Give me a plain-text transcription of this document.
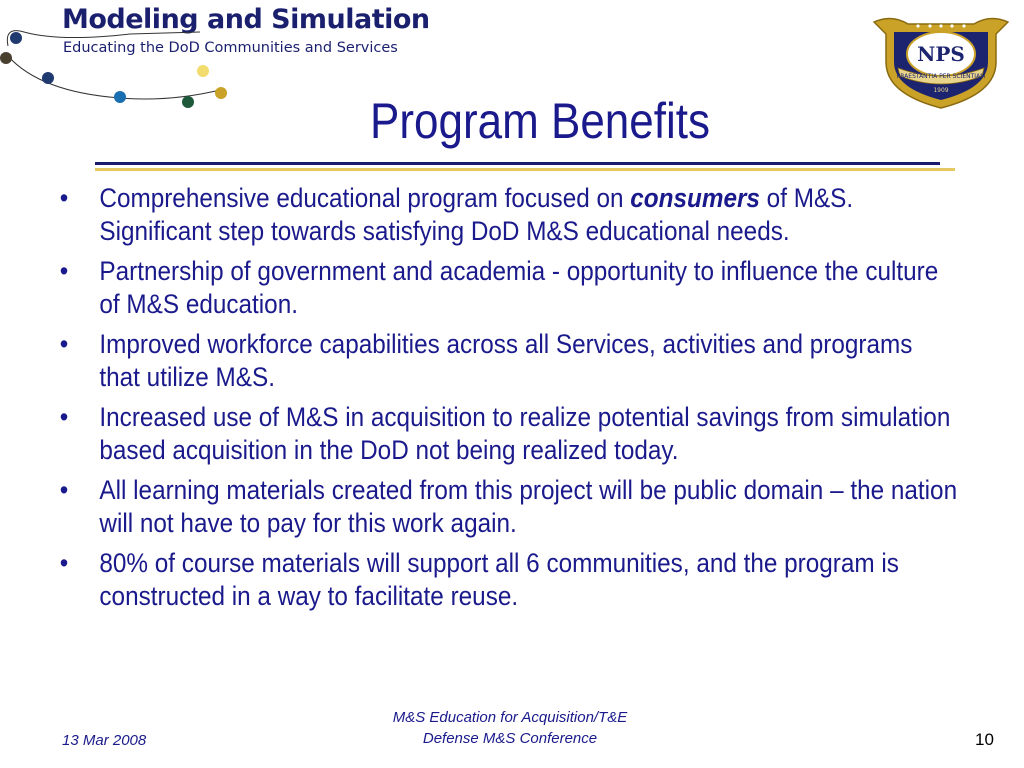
Modeling and Simulation
Educating the DoD Communities and Services	NPS
PRAESTANTIA PER SCIENTIAM
1909
Program Benefits
• Comprehensive educational program focused on consumers of M&S. Significant step towards satisfying DoD M&S educational needs.
• Partnership of government and academia - opportunity to influence the culture of M&S education.
• Improved workforce capabilities across all Services, activities and programs that utilize M&S.
• Increased use of M&S in acquisition to realize potential savings from simulation based acquisition in the DoD not being realized today.
• All learning materials created from this project will be public domain – the nation will not have to pay for this work again.
• 80% of course materials will support all 6 communities, and the program is constructed in a way to facilitate reuse.
13 Mar 2008
M&S Education for Acquisition/T&E
Defense M&S Conference	10
